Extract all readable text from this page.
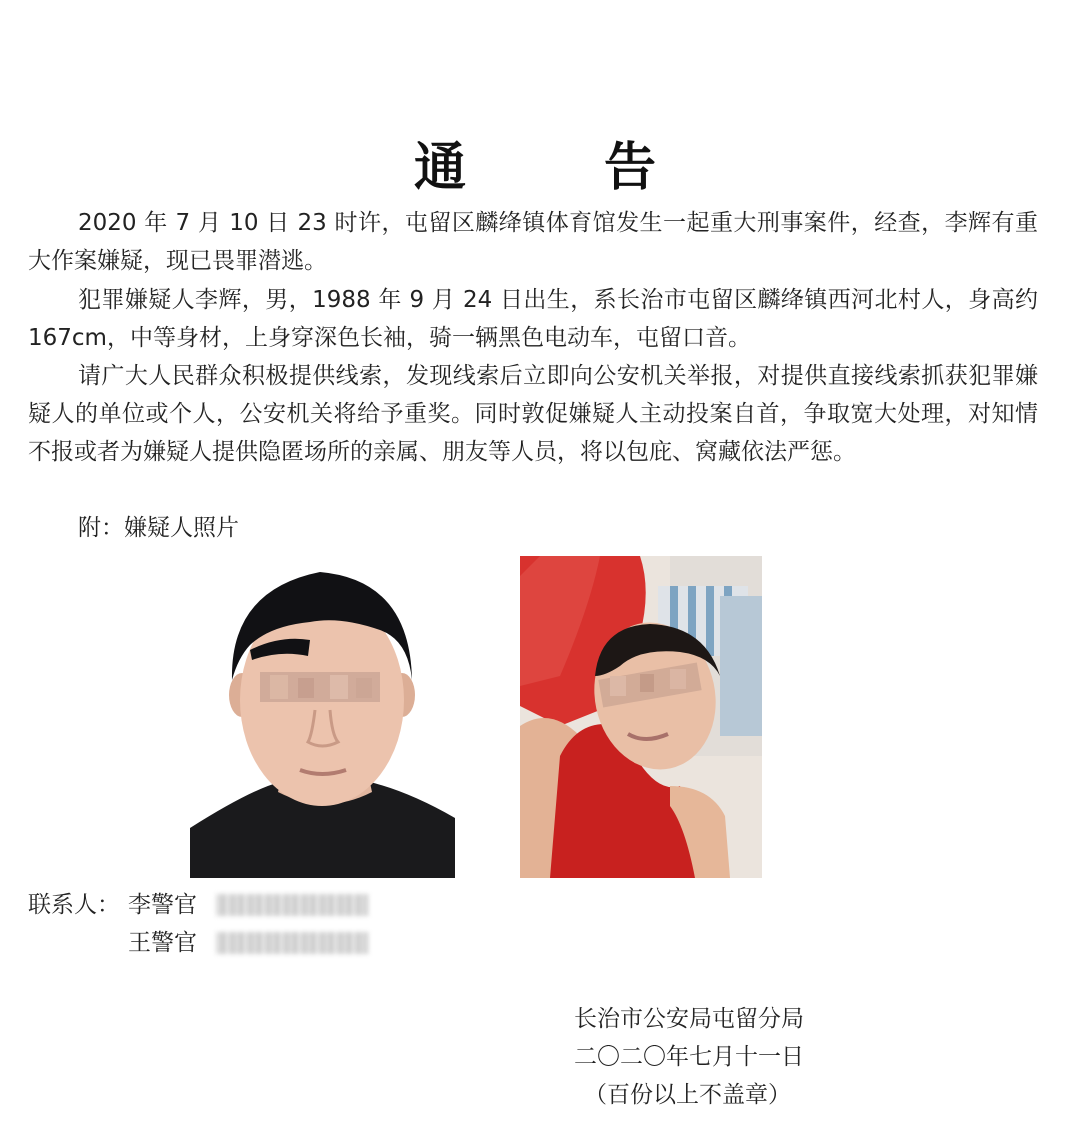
通 告

2020 年 7 月 10 日 23 时许，屯留区麟绛镇体育馆发生一起重大刑事案件，经查，李辉有重大作案嫌疑，现已畏罪潜逃。

犯罪嫌疑人李辉，男，1988 年 9 月 24 日出生，系长治市屯留区麟绛镇西河北村人，身高约 167cm，中等身材，上身穿深色长袖，骑一辆黑色电动车，屯留口音。

请广大人民群众积极提供线索，发现线索后立即向公安机关举报，对提供直接线索抓获犯罪嫌疑人的单位或个人，公安机关将给予重奖。同时敦促嫌疑人主动投案自首，争取宽大处理，对知情不报或者为嫌疑人提供隐匿场所的亲属、朋友等人员，将以包庇、窝藏依法严惩。

附：嫌疑人照片

联系人： 李警官
王警官
长治市公安局屯留分局
二〇二〇年七月十一日
（百份以上不盖章）
